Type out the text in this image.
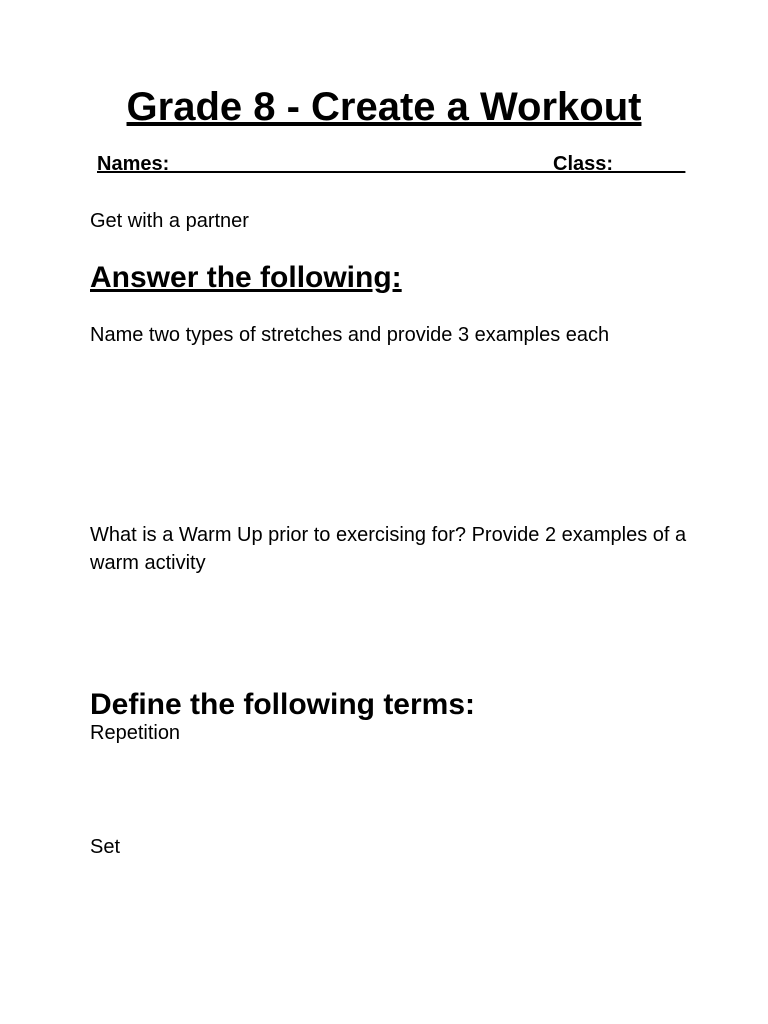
Grade 8 - Create a Workout

Names:__________________________________ Class: ______

Get with a partner

Answer the following:

Name two types of stretches and provide 3 examples each

What is a Warm Up prior to exercising for? Provide 2 examples of a warm activity

Define the following terms:

Repetition

Set
